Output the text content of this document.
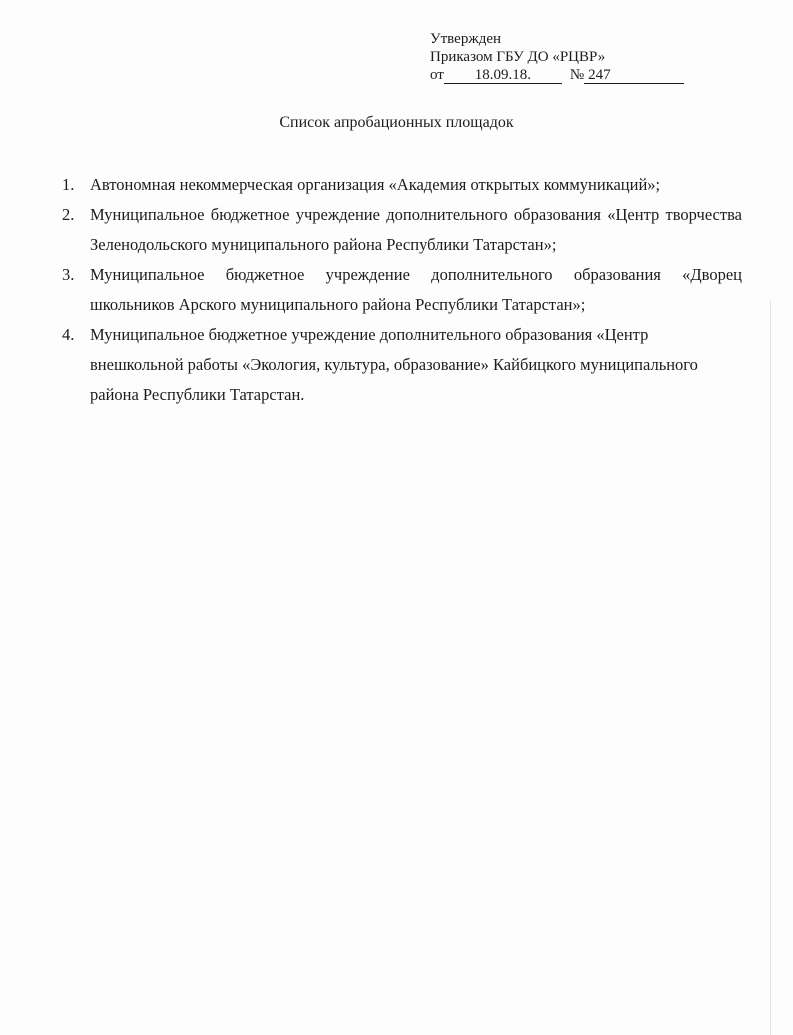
Утвержден
Приказом ГБУ ДО «РЦВР»
от 18.09.18.	№ 247
Список апробационных площадок
1. Автономная некоммерческая организация «Академия открытых коммуникаций»;
2. Муниципальное бюджетное учреждение дополнительного образования «Центр творчества Зеленодольского муниципального района Республики Татарстан»;
3. Муниципальное бюджетное учреждение дополнительного образования «Дворец школьников Арского муниципального района Республики Татарстан»;
4. Муниципальное бюджетное учреждение дополнительного образования «Центр внешкольной работы «Экология, культура, образование» Кайбицкого муниципального района Республики Татарстан.
